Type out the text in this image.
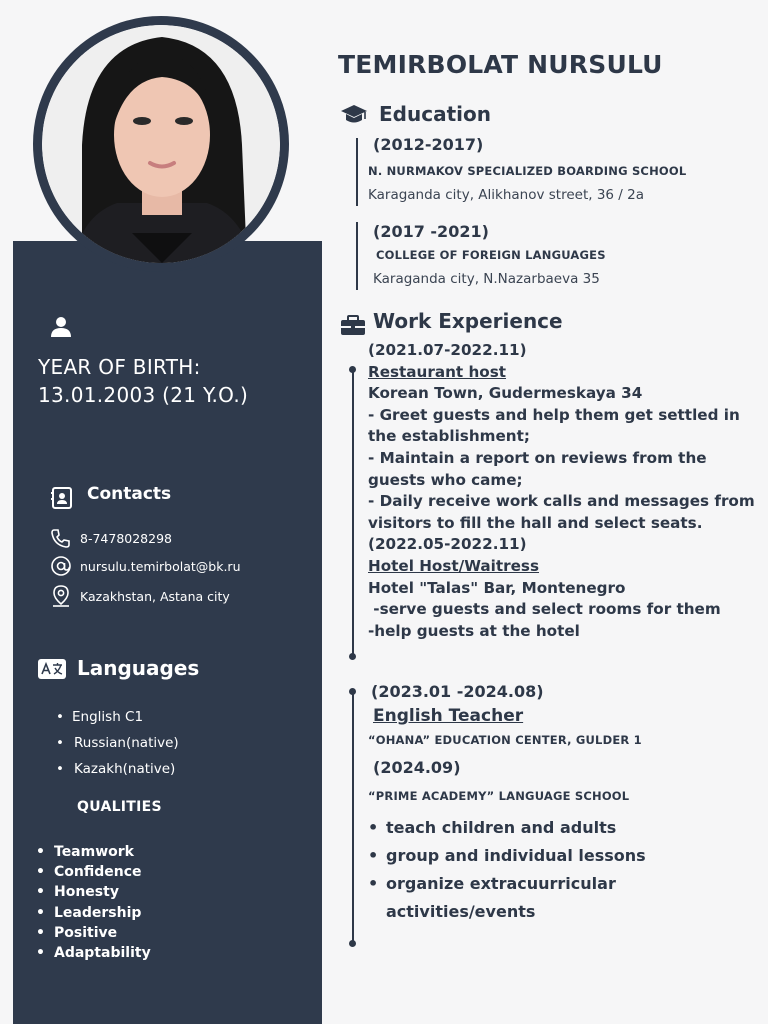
YEAR OF BIRTH:
13.01.2003 (21 Y.O.)
Contacts
8-7478028298
nursulu.temirbolat@bk.ru
Kazakhstan, Astana city
Languages
• English C1
• Russian(native)
• Kazakh(native)
QUALITIES
• Teamwork
• Confidence
• Honesty
• Leadership
• Positive
• Adaptability
TEMIRBOLAT NURSULU
Education
(2012-2017)
N. NURMAKOV SPECIALIZED BOARDING SCHOOL
Karaganda city, Alikhanov street, 36 / 2a
(2017 -2021)
COLLEGE OF FOREIGN LANGUAGES
Karaganda city, N.Nazarbaeva 35
Work Experience
(2021.07-2022.11)
Restaurant host
Korean Town, Gudermeskaya 34
- Greet guests and help them get settled in
the establishment;
- Maintain a report on reviews from the
guests who came;
- Daily receive work calls and messages from
visitors to fill the hall and select seats.
(2022.05-2022.11)
Hotel Host/Waitress
Hotel "Talas" Bar, Montenegro
-serve guests and select rooms for them
-help guests at the hotel
(2023.01 -2024.08)
English Teacher
“OHANA” EDUCATION CENTER, GULDER 1
(2024.09)
“PRIME ACADEMY” LANGUAGE SCHOOL
• teach children and adults
• group and individual lessons
• organize extracuurricular
activities/events
